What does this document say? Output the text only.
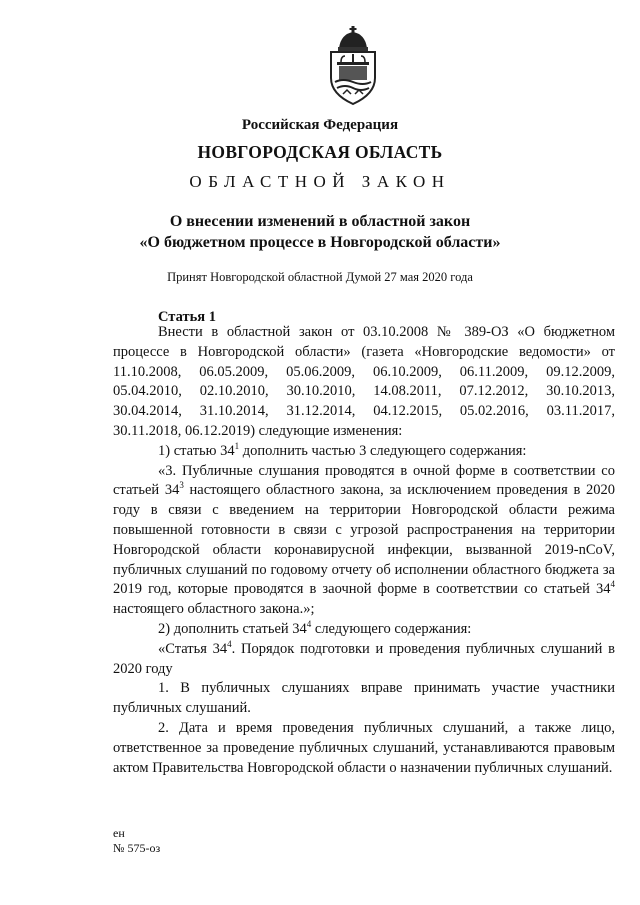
Российская Федерация
НОВГОРОДСКАЯ ОБЛАСТЬ
ОБЛАСТНОЙ ЗАКОН
О внесении изменений в областной закон
«О бюджетном процессе в Новгородской области»
Принят Новгородской областной Думой 27 мая 2020 года
Статья 1

Внести в областной закон от 03.10.2008 № 389-ОЗ «О бюджетном процессе в Новгородской области» (газета «Новгородские ведомости» от 11.10.2008, 06.05.2009, 05.06.2009, 06.10.2009, 06.11.2009, 09.12.2009, 05.04.2010, 02.10.2010, 30.10.2010, 14.08.2011, 07.12.2012, 30.10.2013, 30.04.2014, 31.10.2014, 31.12.2014, 04.12.2015, 05.02.2016, 03.11.2017, 30.11.2018, 06.12.2019) следующие изменения:

1) статью $34^1$ дополнить частью 3 следующего содержания:

«3. Публичные слушания проводятся в очной форме в соответствии со статьей $34^3$ настоящего областного закона, за исключением проведения в 2020 году в связи с введением на территории Новгородской области режима повышенной готовности в связи с угрозой распространения на территории Новгородской области коронавирусной инфекции, вызванной 2019-nCoV, публичных слушаний по годовому отчету об исполнении областного бюджета за 2019 год, которые проводятся в заочной форме в соответствии со статьей $34^4$ настоящего областного закона.»;

2) дополнить статьей $34^4$ следующего содержания:

«Статья $34^4$. Порядок подготовки и проведения публичных слушаний в 2020 году

1. В публичных слушаниях вправе принимать участие участники публичных слушаний.

2. Дата и время проведения публичных слушаний, а также лицо, ответственное за проведение публичных слушаний, устанавливаются правовым актом Правительства Новгородской области о назначении публичных слушаний.

ен
№ 575-оз
